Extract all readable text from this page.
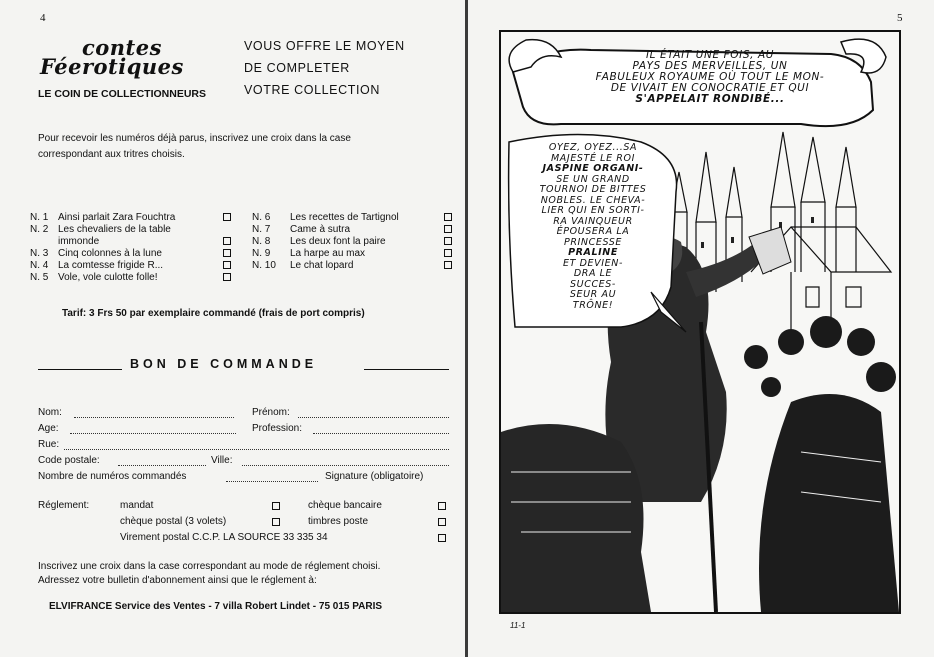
4
contes
Féerotiques
LE COIN DE COLLECTIONNEURS
VOUS OFFRE LE MOYEN
DE COMPLETER
VOTRE COLLECTION
Pour recevoir les numéros déjà parus, inscrivez une croix dans la case
correspondant aux tritres choisis.
N. 1 Ainsi parlait Zara Fouchtra
N. 2 Les chevaliers de la table
immonde
N. 3 Cinq colonnes à la lune
N. 4 La comtesse frigide R...
N. 5 Vole, vole culotte folle!
N. 6 Les recettes de Tartignol
N. 7 Came à sutra
N. 8 Les deux font la paire
N. 9 La harpe au max
N. 10 Le chat lopard
Tarif: 3 Frs 50 par exemplaire commandé (frais de port compris)
BON DE COMMANDE
Nom:	Prénom:
Age:	Profession:
Rue:
Code postale:	Ville:
Nombre de numéros commandés	Signature (obligatoire)
Réglement:	mandat	chèque bancaire
chèque postal (3 volets)	timbres poste
Virement postal C.C.P. LA SOURCE 33 335 34
Inscrivez une croix dans la case correspondant au mode de réglement choisi.
Adressez votre bulletin d'abonnement ainsi que le réglement à:
ELVIFRANCE Service des Ventes - 7 villa Robert Lindet - 75 015 PARIS
5
IL ÉTAIT UNE FOIS, AU
PAYS DES MERVEILLES, UN
FABULEUX ROYAUME OÙ TOUT LE MON-
DE VIVAIT EN CONOCRATIE ET QUI
S'APPELAIT RONDIBÉ...
OYEZ, OYEZ...SA
MAJESTÉ LE ROI
JASPINE ORGANI-
SE UN GRAND
TOURNOI DE BITTES
NOBLES. LE CHEVA-
LIER QUI EN SORTI-
RA VAINQUEUR
ÉPOUSERA LA
PRINCESSE
PRALINE
ET DEVIEN-
DRA LE
SUCCES-
SEUR AU
TRÔNE!
11-1
